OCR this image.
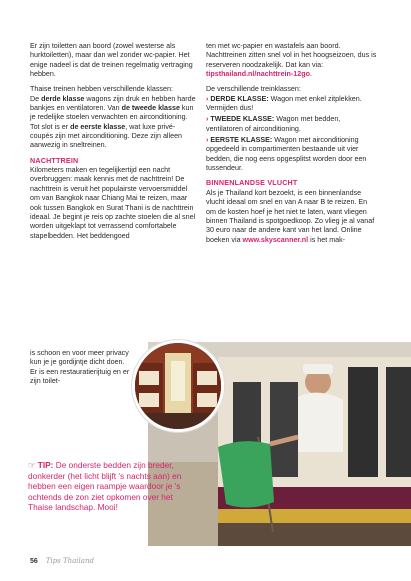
Er zijn toiletten aan boord (zowel westerse als hurktoiletten), maar dan wel zonder wc-papier. Het enige nadeel is dat de treinen regelmatig vertraging hebben.

Thaise treinen hebben verschillende klassen:
De derde klasse wagons zijn druk en hebben harde bankjes en ventilatoren. Van de tweede klasse kun je redelijke stoelen verwachten en airconditioning. Tot slot is er de eerste klasse, wat luxe privé-coupés zijn met airconditioning. Deze zijn alleen aanwezig in sneltreinen.

NACHTTREIN

Kilometers maken en tegelijkertijd een nacht overbruggen: maak kennis met de nachttrein! De nachttrein is veruit het populairste vervoersmiddel om van Bangkok naar Chiang Mai te reizen, maar ook tussen Bangkok en Surat Thani is de nachttrein ideaal. Je begint je reis op zachte stoelen die al snel worden uitgeklapt tot verrassend comfortabele stapelbedden. Het beddengoed

is schoon en voor meer privacy kun je je gordijntje dicht doen. Er is een restauratierijtuig en er zijn toilet-

ten met wc-papier en wastafels aan boord. Nachttreinen zitten snel vol in het hoogseizoen, dus is reserveren noodzakelijk. Dat kan via: tipsthailand.nl/nachttrein-12go.

De verschillende treinklassen:

› DERDE KLASSE: Wagon met enkel zitplekken. Vermijden dus!

› TWEEDE KLASSE: Wagon met bedden, ventilatoren of airconditioning.

› EERSTE KLASSE: Wagon met airconditioning opgedeeld in compartimenten bestaande uit vier bedden, die nog eens opgesplitst worden door een tussendeur.

BINNENLANDSE VLUCHT

Als je Thailand kort bezoekt, is een binnenlandse vlucht ideaal om snel en van A naar B te reizen. En om de kosten hoef je het niet te laten, want vliegen binnen Thailand is spotgoedkoop. Zo vlieg je al vanaf 30 euro naar de andere kant van het land. Online boeken via www.skyscanner.nl is het mak-

☞ TIP: De onderste bedden zijn breder, donkerder (het licht blijft 's nachts aan) en hebben een eigen raampje waardoor je 's ochtends de zon ziet opkomen over het Thaise landschap. Mooi!
56 Tips Thailand
